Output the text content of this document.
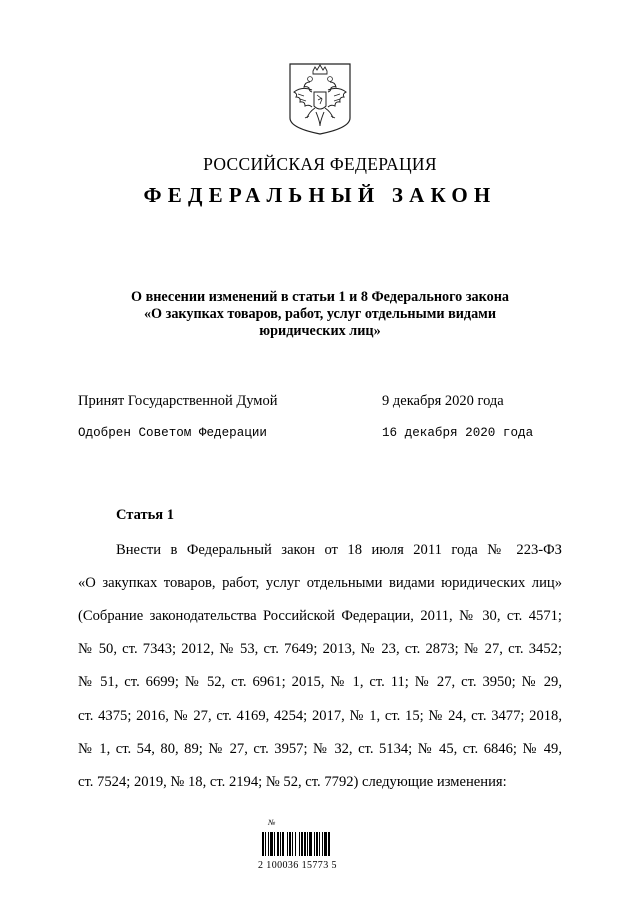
РОССИЙСКАЯ ФЕДЕРАЦИЯ
ФЕДЕРАЛЬНЫЙ ЗАКОН
О внесении изменений в статьи 1 и 8 Федерального закона
«О закупках товаров, работ, услуг отдельными видами
юридических лиц»
Принят Государственной Думой	9 декабря 2020 года
Одобрен Советом Федерации	16 декабря 2020 года
Статья 1
Внести в Федеральный закон от 18 июля 2011 года № 223-ФЗ
«О закупках товаров, работ, услуг отдельными видами юридических лиц»
(Собрание законодательства Российской Федерации, 2011, № 30, ст. 4571;
№ 50, ст. 7343; 2012, № 53, ст. 7649; 2013, № 23, ст. 2873; № 27, ст. 3452;
№ 51, ст. 6699; № 52, ст. 6961; 2015, № 1, ст. 11; № 27, ст. 3950; № 29,
ст. 4375; 2016, № 27, ст. 4169, 4254; 2017, № 1, ст. 15; № 24, ст. 3477; 2018,
№ 1, ст. 54, 80, 89; № 27, ст. 3957; № 32, ст. 5134; № 45, ст. 6846; № 49,
ст. 7524; 2019, № 18, ст. 2194; № 52, ст. 7792) следующие изменения:
№​
2 100036 15773 5
